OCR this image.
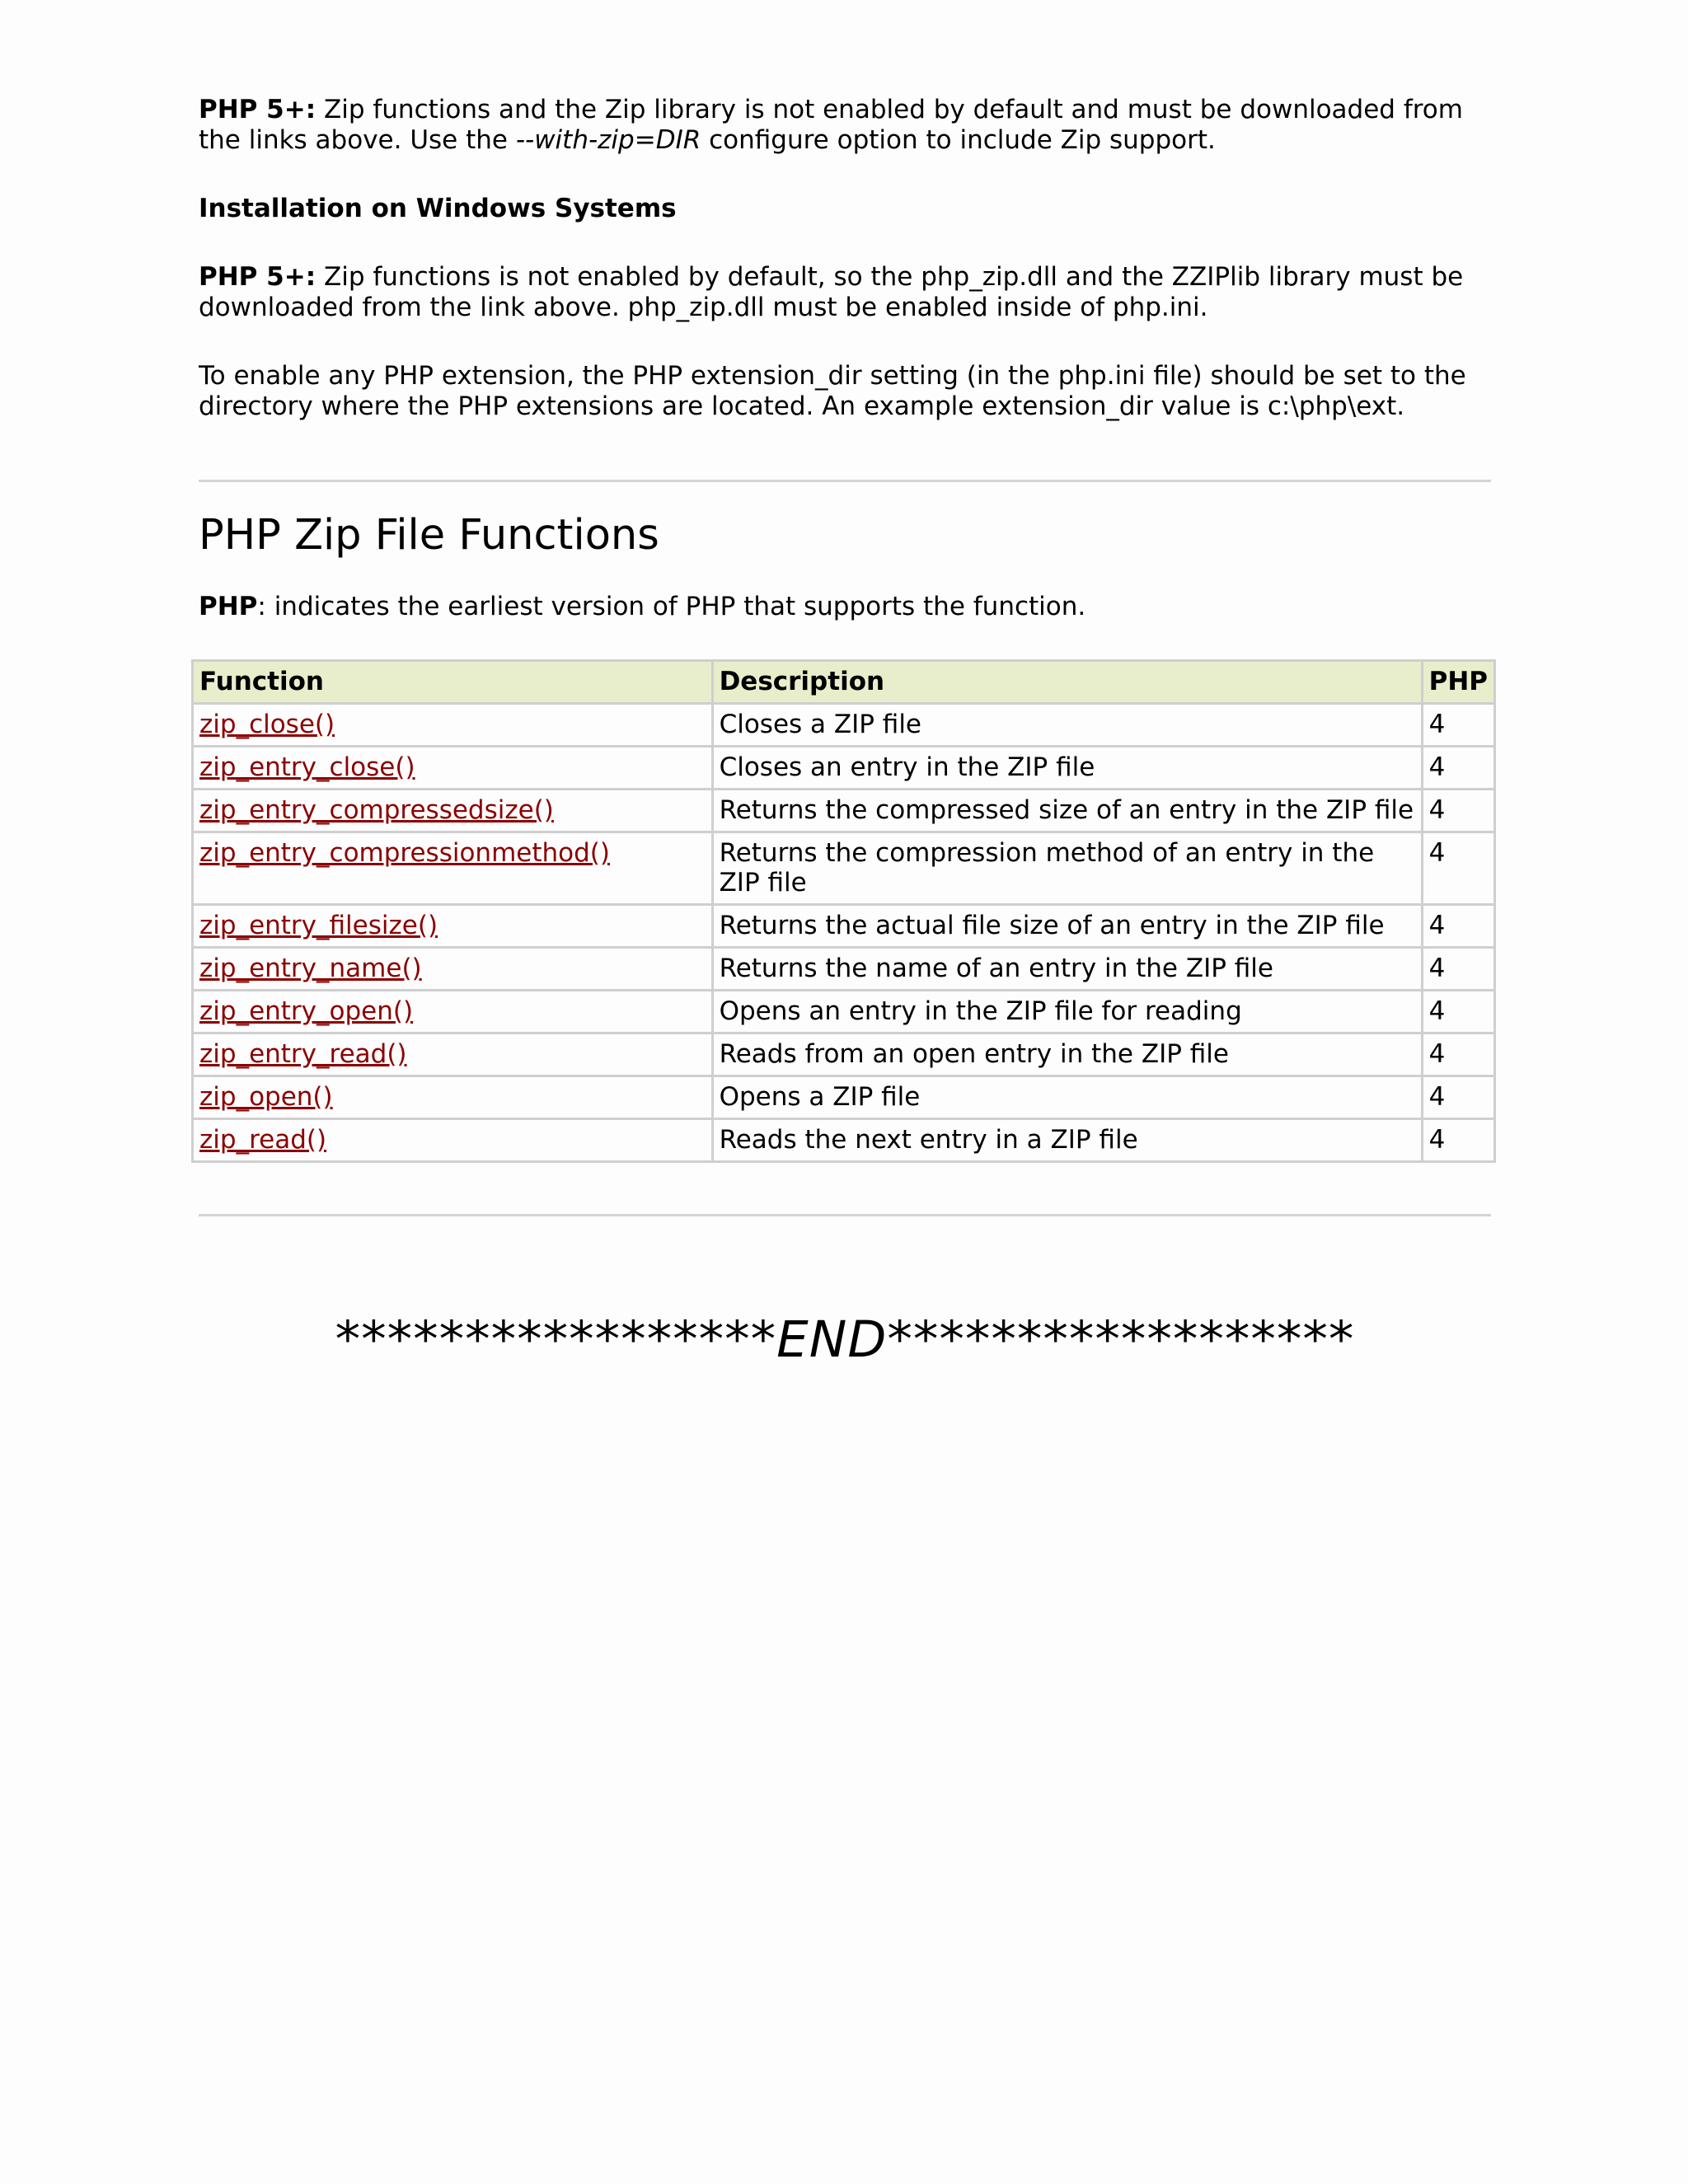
PHP 5+: Zip functions and the Zip library is not enabled by default and must be downloaded from the links above. Use the --with-zip=DIR configure option to include Zip support.

Installation on Windows Systems

PHP 5+: Zip functions is not enabled by default, so the php_zip.dll and the ZZIPlib library must be downloaded from the link above. php_zip.dll must be enabled inside of php.ini.

To enable any PHP extension, the PHP extension_dir setting (in the php.ini file) should be set to the directory where the PHP extensions are located. An example extension_dir value is c:\php\ext.

PHP Zip File Functions

PHP: indicates the earliest version of PHP that supports the function.

Function	Description	PHP
zip_close()	Closes a ZIP file	4
zip_entry_close()	Closes an entry in the ZIP file	4
zip_entry_compressedsize()	Returns the compressed size of an entry in the ZIP file	4
zip_entry_compressionmethod()	Returns the compression method of an entry in the ZIP file	4
zip_entry_filesize()	Returns the actual file size of an entry in the ZIP file	4
zip_entry_name()	Returns the name of an entry in the ZIP file	4
zip_entry_open()	Opens an entry in the ZIP file for reading	4
zip_entry_read()	Reads from an open entry in the ZIP file	4
zip_open()	Opens a ZIP file	4
zip_read()	Reads the next entry in a ZIP file	4
*****************END******************
